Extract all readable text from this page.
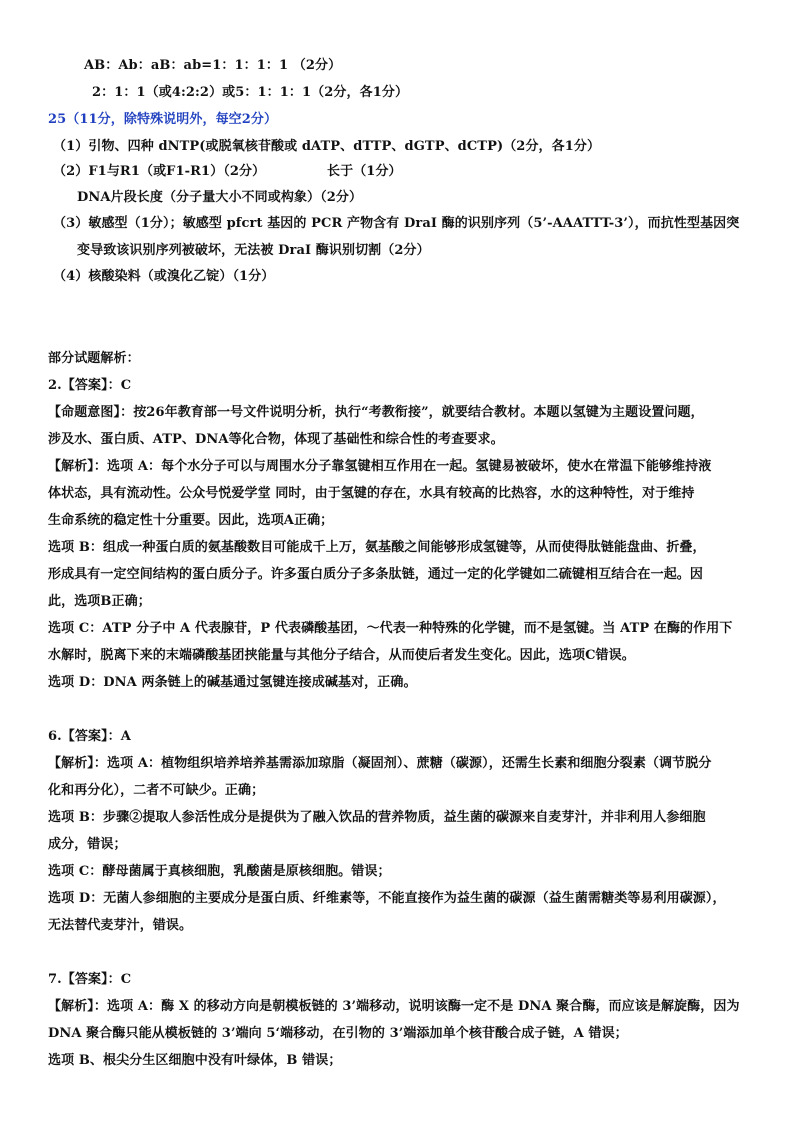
AB：Ab：aB：ab=1：1：1：1 （2分）
2：1：1（或4:2:2）或5：1：1：1（2分，各1分）
25（11分，除特殊说明外，每空2分）
（1）引物、四种 dNTP(或脱氧核苷酸或 dATP、dTTP、dGTP、dCTP)（2分，各1分）
（2）F1与R1（或F1-R1）（2分）	长于（1分）
DNA片段长度（分子量大小不同或构象）（2分）
（3）敏感型（1分）；敏感型 pfcrt 基因的 PCR 产物含有 DraI 酶的识别序列（5’-AAATTT-3’），而抗性型基因突
变导致该识别序列被破坏，无法被 DraI 酶识别切割（2分）
（4）核酸染料（或溴化乙锭）（1分）
部分试题解析：
2.【答案】：C
【命题意图】：按26年教育部一号文件说明分析，执行“考教衔接”，就要结合教材。本题以氢键为主题设置问题，
涉及水、蛋白质、ATP、DNA等化合物，体现了基础性和综合性的考查要求。
【解析】：选项 A：每个水分子可以与周围水分子靠氢键相互作用在一起。氢键易被破坏，使水在常温下能够维持液
体状态，具有流动性。公众号悦爱学堂 同时，由于氢键的存在，水具有较高的比热容，水的这种特性，对于维持
生命系统的稳定性十分重要。因此，选项A正确；
选项 B：组成一种蛋白质的氨基酸数目可能成千上万，氨基酸之间能够形成氢键等，从而使得肽链能盘曲、折叠，
形成具有一定空间结构的蛋白质分子。许多蛋白质分子多条肽链，通过一定的化学键如二硫键相互结合在一起。因
此，选项B正确；
选项 C：ATP 分子中 A 代表腺苷，P 代表磷酸基团，～代表一种特殊的化学键，而不是氢键。当 ATP 在酶的作用下
水解时，脱离下来的末端磷酸基团挟能量与其他分子结合，从而使后者发生变化。因此，选项C错误。
选项 D：DNA 两条链上的碱基通过氢键连接成碱基对，正确。
6.【答案】：A
【解析】：选项 A：植物组织培养培养基需添加琼脂（凝固剂）、蔗糖（碳源），还需生长素和细胞分裂素（调节脱分
化和再分化），二者不可缺少。正确；
选项 B：步骤②提取人参活性成分是提供为了融入饮品的营养物质，益生菌的碳源来自麦芽汁，并非利用人参细胞
成分，错误；
选项 C：酵母菌属于真核细胞，乳酸菌是原核细胞。错误；
选项 D：无菌人参细胞的主要成分是蛋白质、纤维素等，不能直接作为益生菌的碳源（益生菌需糖类等易利用碳源），
无法替代麦芽汁，错误。
7.【答案】：C
【解析】：选项 A：酶 X 的移动方向是朝模板链的 3’端移动，说明该酶一定不是 DNA 聚合酶，而应该是解旋酶，因为
DNA 聚合酶只能从模板链的 3’端向 5‘端移动，在引物的 3’端添加单个核苷酸合成子链，A 错误；
选项 B、根尖分生区细胞中没有叶绿体，B 错误；
